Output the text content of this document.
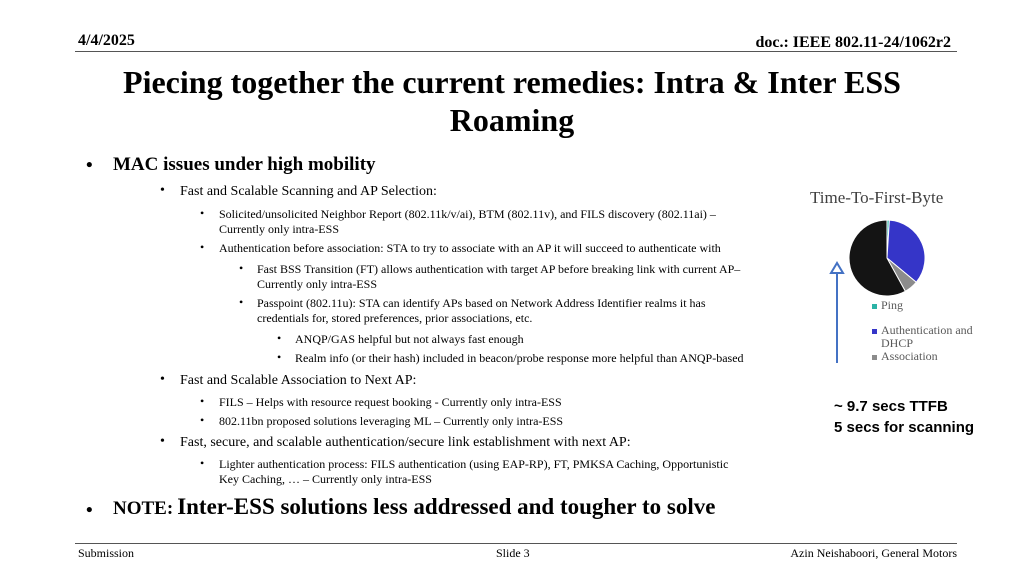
4/4/2025	doc.: IEEE 802.11-24/1062r2
Piecing together the current remedies: Intra & Inter ESS
Roaming
• MAC issues under high mobility
• Fast and Scalable Scanning and AP Selection:
• Solicited/unsolicited Neighbor Report (802.11k/v/ai), BTM (802.11v), and FILS discovery (802.11ai) –
Currently only intra-ESS
• Authentication before association: STA to try to associate with an AP it will succeed to authenticate with
• Fast BSS Transition (FT) allows authentication with target AP before breaking link with current AP–
Currently only intra-ESS
• Passpoint (802.11u): STA can identify APs based on Network Address Identifier realms it has
credentials for, stored preferences, prior associations, etc.
• ANQP/GAS helpful but not always fast enough
• Realm info (or their hash) included in beacon/probe response more helpful than ANQP-based
• Fast and Scalable Association to Next AP:
• FILS – Helps with resource request booking - Currently only intra-ESS
• 802.11bn proposed solutions leveraging ML – Currently only intra-ESS
• Fast, secure, and scalable authentication/secure link establishment with next AP:
• Lighter authentication process: FILS authentication (using EAP-RP), FT, PMKSA Caching, Opportunistic
Key Caching, … – Currently only intra-ESS
• NOTE: Inter-ESS solutions less addressed and tougher to solve
Time-To-First-Byte
Ping
Authentication and
DHCP
Association
~ 9.7 secs TTFB
5 secs for scanning
Submission	Slide 3	Azin Neishaboori, General Motors
